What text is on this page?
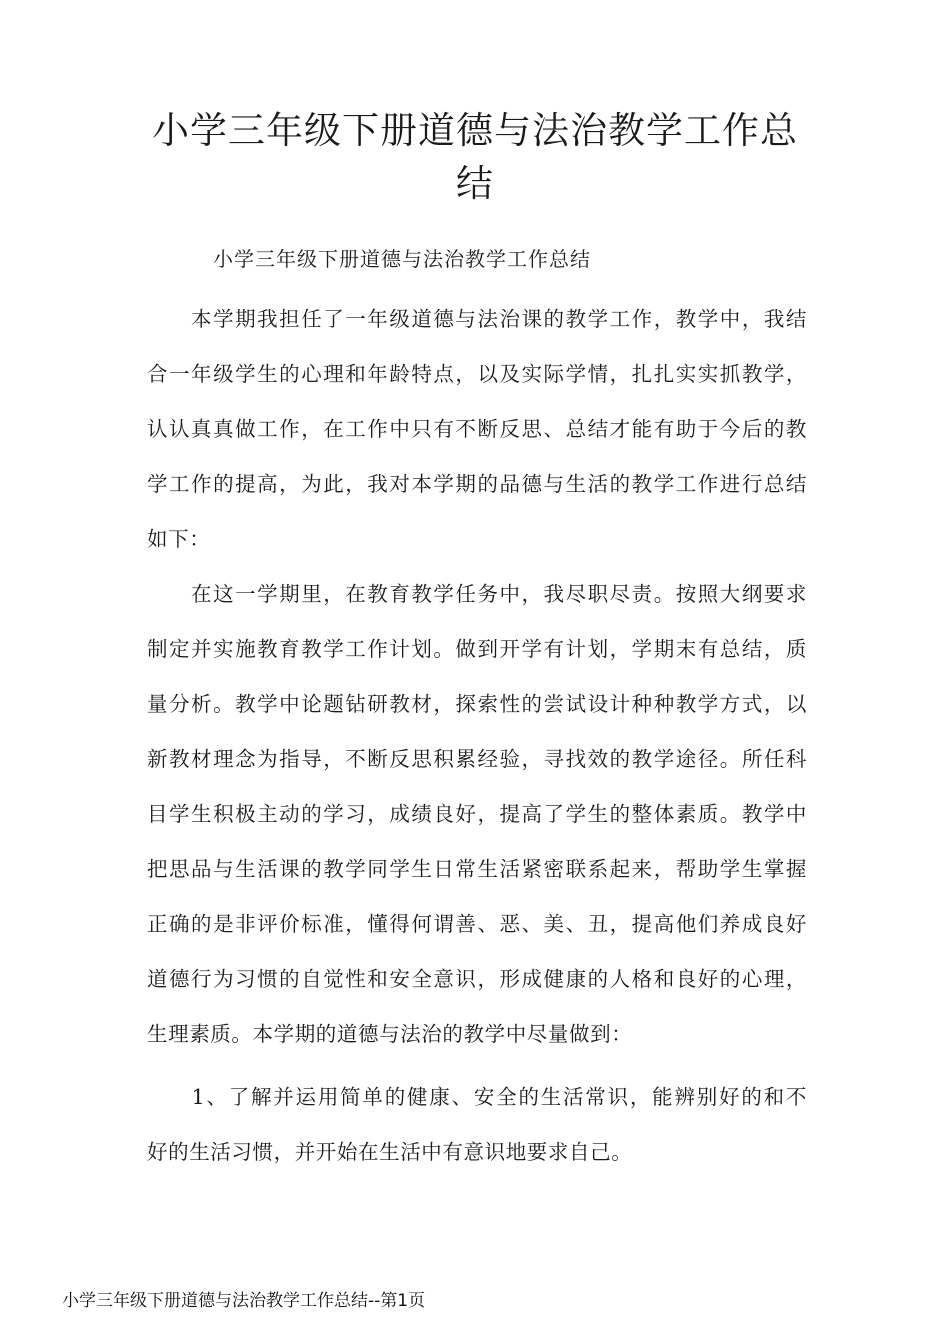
小学三年级下册道德与法治教学工作总
结

小学三年级下册道德与法治教学工作总结

　　本学期我担任了一年级道德与法治课的教学工作，教学中，我结
合一年级学生的心理和年龄特点，以及实际学情，扎扎实实抓教学，
认认真真做工作，在工作中只有不断反思、总结才能有助于今后的教
学工作的提高，为此，我对本学期的品德与生活的教学工作进行总结
如下：
　　在这一学期里，在教育教学任务中，我尽职尽责。按照大纲要求
制定并实施教育教学工作计划。做到开学有计划，学期末有总结，质
量分析。教学中论题钻研教材，探索性的尝试设计种种教学方式，以
新教材理念为指导，不断反思积累经验，寻找效的教学途径。所任科
目学生积极主动的学习，成绩良好，提高了学生的整体素质。教学中
把思品与生活课的教学同学生日常生活紧密联系起来，帮助学生掌握
正确的是非评价标准，懂得何谓善、恶、美、丑，提高他们养成良好
道德行为习惯的自觉性和安全意识，形成健康的人格和良好的心理，
生理素质。本学期的道德与法治的教学中尽量做到：
　　1、了解并运用简单的健康、安全的生活常识，能辨别好的和不
好的生活习惯，并开始在生活中有意识地要求自己。
小学三年级下册道德与法治教学工作总结--第1页
